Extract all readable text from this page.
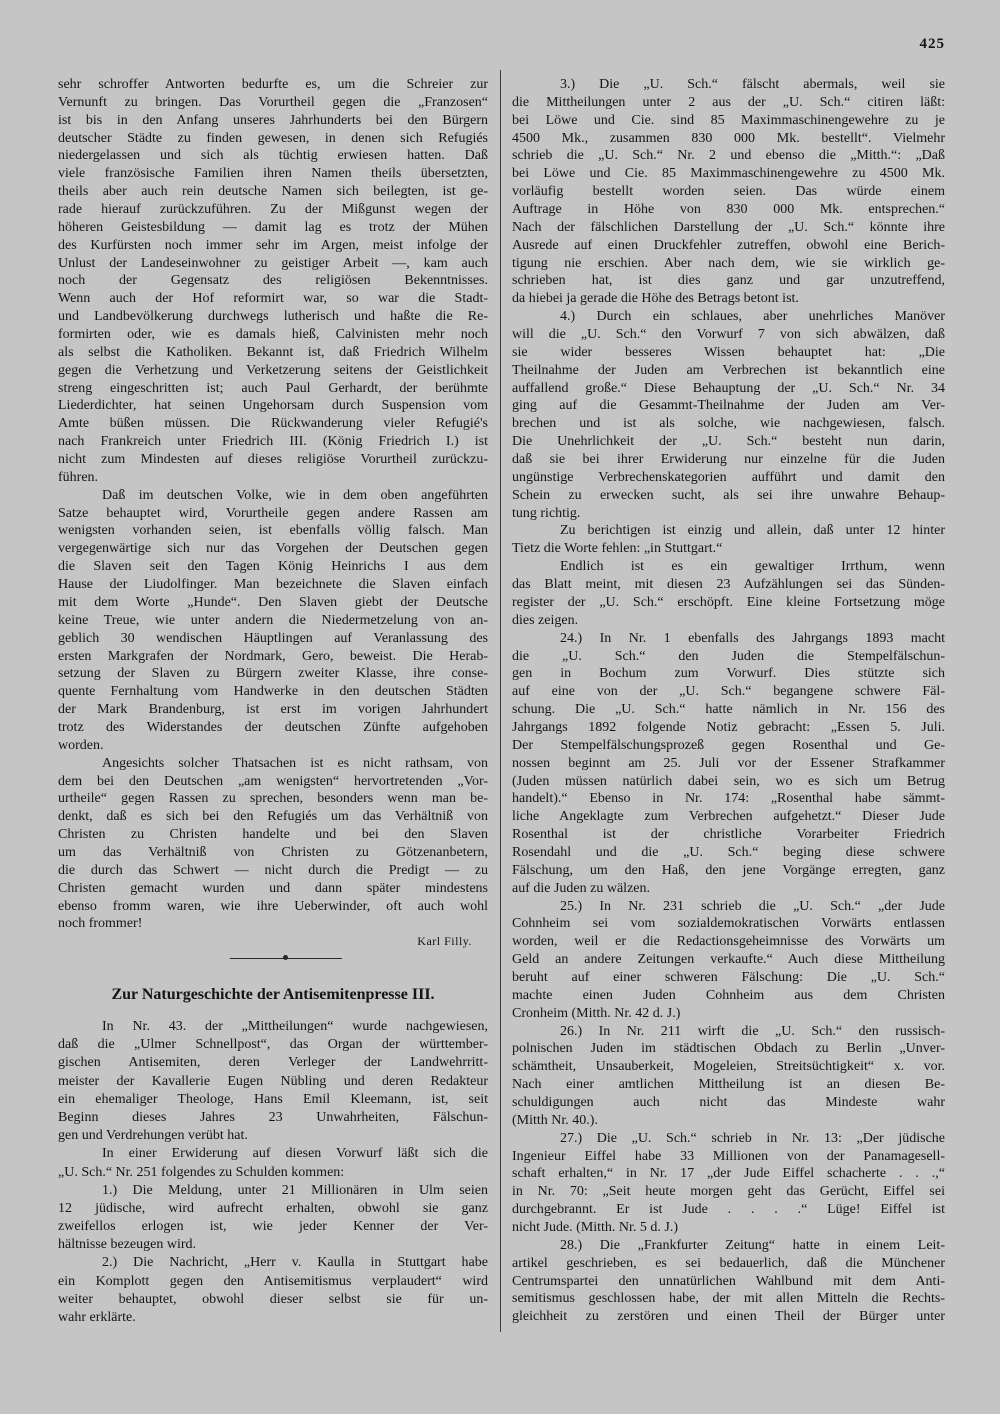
425
sehr schroffer Antworten bedurfte es, um die Schreier zur
Vernunft zu bringen. Das Vorurtheil gegen die „Franzosen“
ist bis in den Anfang unseres Jahrhunderts bei den Bürgern
deutscher Städte zu finden gewesen, in denen sich Refugiés
niedergelassen und sich als tüchtig erwiesen hatten. Daß
viele französische Familien ihren Namen theils übersetzten,
theils aber auch rein deutsche Namen sich beilegten, ist ge-
rade hierauf zurückzuführen. Zu der Mißgunst wegen der
höheren Geistesbildung — damit lag es trotz der Mühen
des Kurfürsten noch immer sehr im Argen, meist infolge der
Unlust der Landeseinwohner zu geistiger Arbeit —, kam auch
noch der Gegensatz des religiösen Bekenntnisses.
Wenn auch der Hof reformirt war, so war die Stadt-
und Landbevölkerung durchwegs lutherisch und haßte die Re-
formirten oder, wie es damals hieß, Calvinisten mehr noch
als selbst die Katholiken. Bekannt ist, daß Friedrich Wilhelm
gegen die Verhetzung und Verketzerung seitens der Geistlichkeit
streng eingeschritten ist; auch Paul Gerhardt, der berühmte
Liederdichter, hat seinen Ungehorsam durch Suspension vom
Amte büßen müssen. Die Rückwanderung vieler Refugié's
nach Frankreich unter Friedrich III. (König Friedrich I.) ist
nicht zum Mindesten auf dieses religiöse Vorurtheil zurückzu-
führen.
Daß im deutschen Volke, wie in dem oben angeführten
Satze behauptet wird, Vorurtheile gegen andere Rassen am
wenigsten vorhanden seien, ist ebenfalls völlig falsch. Man
vergegenwärtige sich nur das Vorgehen der Deutschen gegen
die Slaven seit den Tagen König Heinrichs I aus dem
Hause der Liudolfinger. Man bezeichnete die Slaven einfach
mit dem Worte „Hunde“. Den Slaven giebt der Deutsche
keine Treue, wie unter andern die Niedermetzelung von an-
geblich 30 wendischen Häuptlingen auf Veranlassung des
ersten Markgrafen der Nordmark, Gero, beweist. Die Herab-
setzung der Slaven zu Bürgern zweiter Klasse, ihre conse-
quente Fernhaltung vom Handwerke in den deutschen Städten
der Mark Brandenburg, ist erst im vorigen Jahrhundert
trotz des Widerstandes der deutschen Zünfte aufgehoben
worden.
Angesichts solcher Thatsachen ist es nicht rathsam, von
dem bei den Deutschen „am wenigsten“ hervortretenden „Vor-
urtheile“ gegen Rassen zu sprechen, besonders wenn man be-
denkt, daß es sich bei den Refugiés um das Verhältniß von
Christen zu Christen handelte und bei den Slaven
um das Verhältniß von Christen zu Götzenanbetern,
die durch das Schwert — nicht durch die Predigt — zu
Christen gemacht wurden und dann später mindestens
ebenso fromm waren, wie ihre Ueberwinder, oft auch wohl
noch frommer!
Karl Filly.
Zur Naturgeschichte der Antisemitenpresse III.
In Nr. 43. der „Mittheilungen“ wurde nachgewiesen,
daß die „Ulmer Schnellpost“, das Organ der württember-
gischen Antisemiten, deren Verleger der Landwehrritt-
meister der Kavallerie Eugen Nübling und deren Redakteur
ein ehemaliger Theologe, Hans Emil Kleemann, ist, seit
Beginn dieses Jahres 23 Unwahrheiten, Fälschun-
gen und Verdrehungen verübt hat.
In einer Erwiderung auf diesen Vorwurf läßt sich die
„U. Sch.“ Nr. 251 folgendes zu Schulden kommen:
1.) Die Meldung, unter 21 Millionären in Ulm seien
12 jüdische, wird aufrecht erhalten, obwohl sie ganz
zweifellos erlogen ist, wie jeder Kenner der Ver-
hältnisse bezeugen wird.
2.) Die Nachricht, „Herr v. Kaulla in Stuttgart habe
ein Komplott gegen den Antisemitismus verplaudert“ wird
weiter behauptet, obwohl dieser selbst sie für un-
wahr erklärte.
3.) Die „U. Sch.“ fälscht abermals, weil sie
die Mittheilungen unter 2 aus der „U. Sch.“ citiren läßt:
bei Löwe und Cie. sind 85 Maximmaschinengewehre zu je
4500 Mk., zusammen 830 000 Mk. bestellt“. Vielmehr
schrieb die „U. Sch.“ Nr. 2 und ebenso die „Mitth.“: „Daß
bei Löwe und Cie. 85 Maximmaschinengewehre zu 4500 Mk.
vorläufig bestellt worden seien. Das würde einem
Auftrage in Höhe von 830 000 Mk. entsprechen.“
Nach der fälschlichen Darstellung der „U. Sch.“ könnte ihre
Ausrede auf einen Druckfehler zutreffen, obwohl eine Berich-
tigung nie erschien. Aber nach dem, wie sie wirklich ge-
schrieben hat, ist dies ganz und gar unzutreffend,
da hiebei ja gerade die Höhe des Betrags betont ist.
4.) Durch ein schlaues, aber unehrliches Manöver
will die „U. Sch.“ den Vorwurf 7 von sich abwälzen, daß
sie wider besseres Wissen behauptet hat: „Die
Theilnahme der Juden am Verbrechen ist bekanntlich eine
auffallend große.“ Diese Behauptung der „U. Sch.“ Nr. 34
ging auf die Gesammt-Theilnahme der Juden am Ver-
brechen und ist als solche, wie nachgewiesen, falsch.
Die Unehrlichkeit der „U. Sch.“ besteht nun darin,
daß sie bei ihrer Erwiderung nur einzelne für die Juden
ungünstige Verbrechenskategorien aufführt und damit den
Schein zu erwecken sucht, als sei ihre unwahre Behaup-
tung richtig.
Zu berichtigen ist einzig und allein, daß unter 12 hinter
Tietz die Worte fehlen: „in Stuttgart.“
Endlich ist es ein gewaltiger Irrthum, wenn
das Blatt meint, mit diesen 23 Aufzählungen sei das Sünden-
register der „U. Sch.“ erschöpft. Eine kleine Fortsetzung möge
dies zeigen.
24.) In Nr. 1 ebenfalls des Jahrgangs 1893 macht
die „U. Sch.“ den Juden die Stempelfälschun-
gen in Bochum zum Vorwurf. Dies stützte sich
auf eine von der „U. Sch.“ begangene schwere Fäl-
schung. Die „U. Sch.“ hatte nämlich in Nr. 156 des
Jahrgangs 1892 folgende Notiz gebracht: „Essen 5. Juli.
Der Stempelfälschungsprozeß gegen Rosenthal und Ge-
nossen beginnt am 25. Juli vor der Essener Strafkammer
(Juden müssen natürlich dabei sein, wo es sich um Betrug
handelt).“ Ebenso in Nr. 174: „Rosenthal habe sämmt-
liche Angeklagte zum Verbrechen aufgehetzt.“ Dieser Jude
Rosenthal ist der christliche Vorarbeiter Friedrich
Rosendahl und die „U. Sch.“ beging diese schwere
Fälschung, um den Haß, den jene Vorgänge erregten, ganz
auf die Juden zu wälzen.
25.) In Nr. 231 schrieb die „U. Sch.“ „der Jude
Cohnheim sei vom sozialdemokratischen Vorwärts entlassen
worden, weil er die Redactionsgeheimnisse des Vorwärts um
Geld an andere Zeitungen verkaufte.“ Auch diese Mittheilung
beruht auf einer schweren Fälschung: Die „U. Sch.“
machte einen Juden Cohnheim aus dem Christen
Cronheim (Mitth. Nr. 42 d. J.)
26.) In Nr. 211 wirft die „U. Sch.“ den russisch-
polnischen Juden im städtischen Obdach zu Berlin „Unver-
schämtheit, Unsauberkeit, Mogeleien, Streitsüchtigkeit“ x. vor.
Nach einer amtlichen Mittheilung ist an diesen Be-
schuldigungen auch nicht das Mindeste wahr
(Mitth Nr. 40.).
27.) Die „U. Sch.“ schrieb in Nr. 13: „Der jüdische
Ingenieur Eiffel habe 33 Millionen von der Panamagesell-
schaft erhalten,“ in Nr. 17 „der Jude Eiffel schacherte . . .,“
in Nr. 70: „Seit heute morgen geht das Gerücht, Eiffel sei
durchgebrannt. Er ist Jude . . . .“ Lüge! Eiffel ist
nicht Jude. (Mitth. Nr. 5 d. J.)
28.) Die „Frankfurter Zeitung“ hatte in einem Leit-
artikel geschrieben, es sei bedauerlich, daß die Münchener
Centrumspartei den unnatürlichen Wahlbund mit dem Anti-
semitismus geschlossen habe, der mit allen Mitteln die Rechts-
gleichheit zu zerstören und einen Theil der Bürger unter
